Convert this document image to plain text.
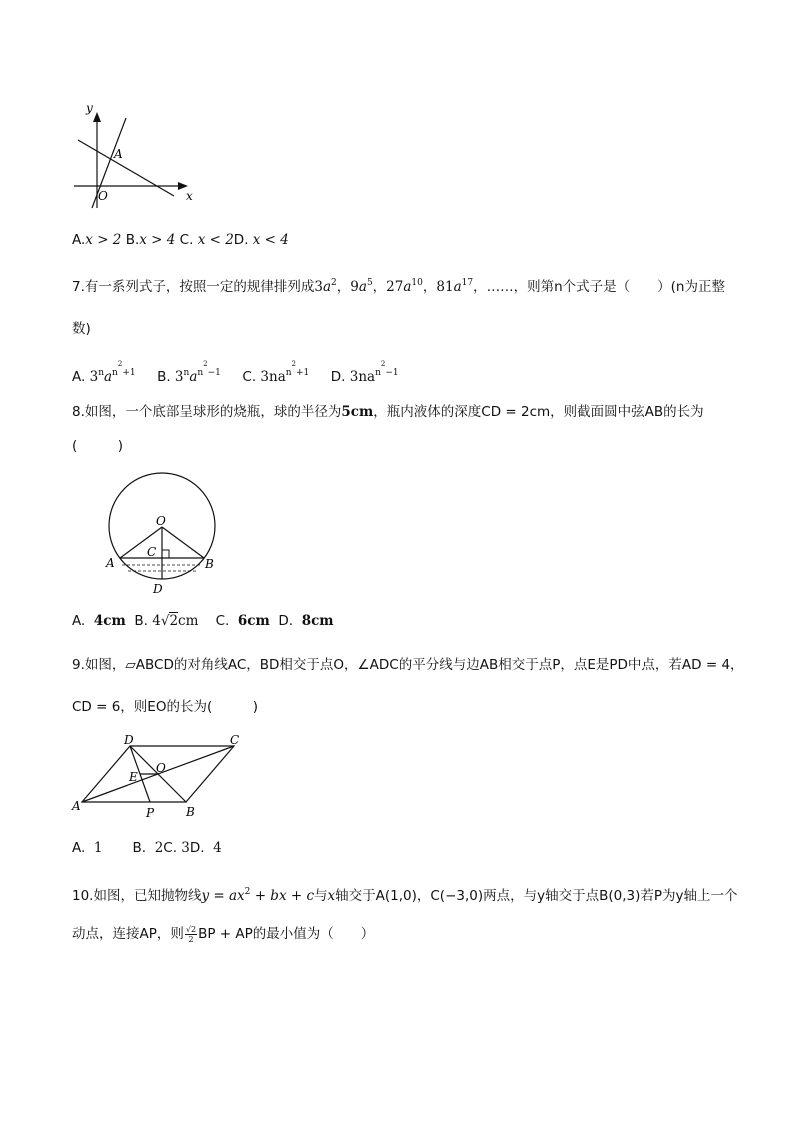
y
x
A
O
A.x > 2 B.x > 4 C. x < 2D. x < 4
7.有一系列式子，按照一定的规律排列成$3a^2$，$9a^5$，$27a^{10}$，$81a^{17}$，……，则第n个式子是（　　）(n为正整
数)
A. $3^na^{n^2+1}$ B. $3^na^{n^2-1}$ C. $3na^{n^2+1}$ D. $3na^{n^2-1}$
8.如图，一个底部呈球形的烧瓶，球的半径为5cm，瓶内液体的深度CD = 2cm，则截面圆中弦AB的长为
(　　　)
O
C
A	B
D
A. 4cm B. 4√2cm C. 6cm D. 8cm
9.如图，▱ABCD的对角线AC，BD相交于点O，∠ADC的平分线与边AB相交于点P，点E是PD中点，若AD = 4，
CD = 6，则EO的长为(　　　)
D	C
E
O
A	P	B
A. 1 B. 2C. 3D. 4
10.如图，已知抛物线$y = ax^2$ + bx + c与x轴交于A(1,0)，C(−3,0)两点，与y轴交于点B(0,3)若P为y轴上一个
动点，连接AP，则 $\frac{√2}{2}$ BP + AP的最小值为（　　）
